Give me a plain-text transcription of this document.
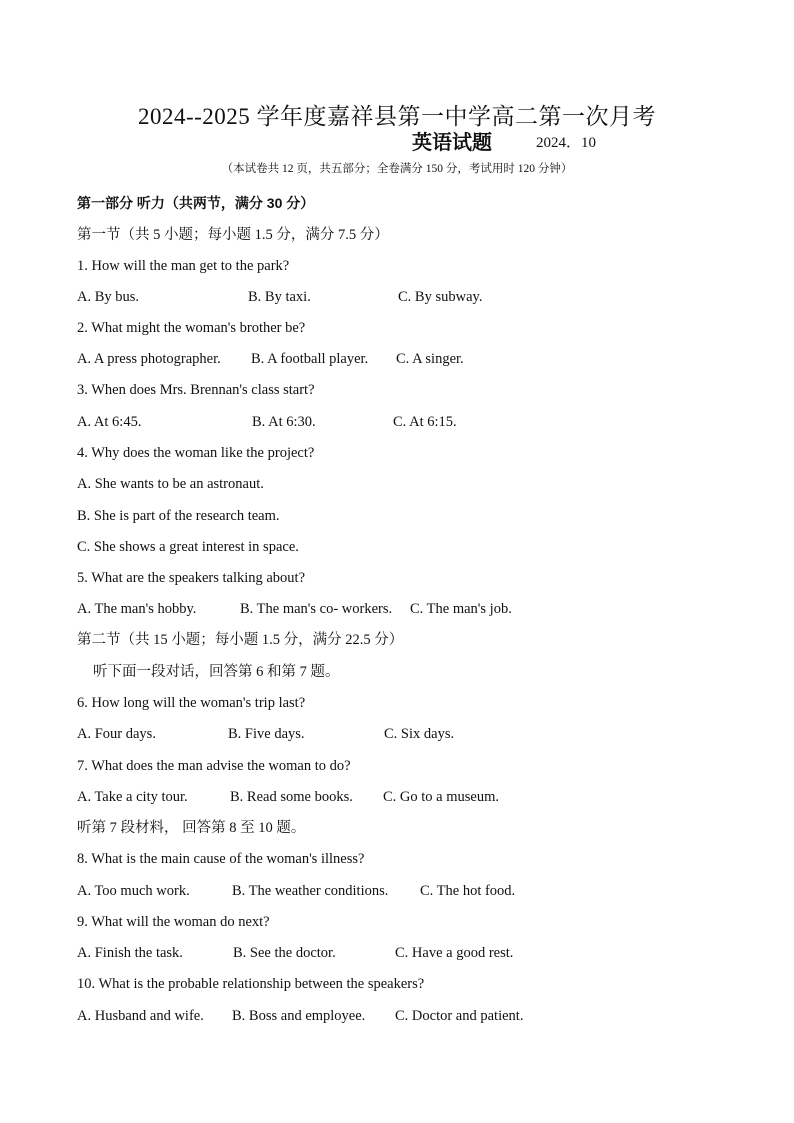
2024--2025 学年度嘉祥县第一中学高二第一次月考
英语试题	2024．10
（本试卷共 12 页，共五部分；全卷满分 150 分，考试用时 120 分钟）
第一部分 听力（共两节，满分 30 分）
第一节（共 5 小题；每小题 1.5 分，满分 7.5 分）
1. How will the man get to the park?
A. By bus.	B. By taxi.	C. By subway.
2. What might the woman's brother be?
A. A press photographer. B. A football player. C. A singer.
3. When does Mrs. Brennan's class start?
A. At 6:45.	B. At 6:30.	C. At 6:15.
4. Why does the woman like the project?
A. She wants to be an astronaut.
B. She is part of the research team.
C. She shows a great interest in space.
5. What are the speakers talking about?
A. The man's hobby.	B. The man's co- workers. C. The man's job.
第二节（共 15 小题；每小题 1.5 分，满分 22.5 分）
听下面一段对话，回答第 6 和第 7 题。
6. How long will the woman's trip last?
A. Four days.	B. Five days.	C. Six days.
7. What does the man advise the woman to do?
A. Take a city tour.	B. Read some books. C. Go to a museum.
听第 7 段材料， 回答第 8 至 10 题。
8. What is the main cause of the woman's illness?
A. Too much work.	B. The weather conditions. C. The hot food.
9. What will the woman do next?
A. Finish the task.	B. See the doctor.	C. Have a good rest.
10. What is the probable relationship between the speakers?
A. Husband and wife. B. Boss and employee. C. Doctor and patient.
